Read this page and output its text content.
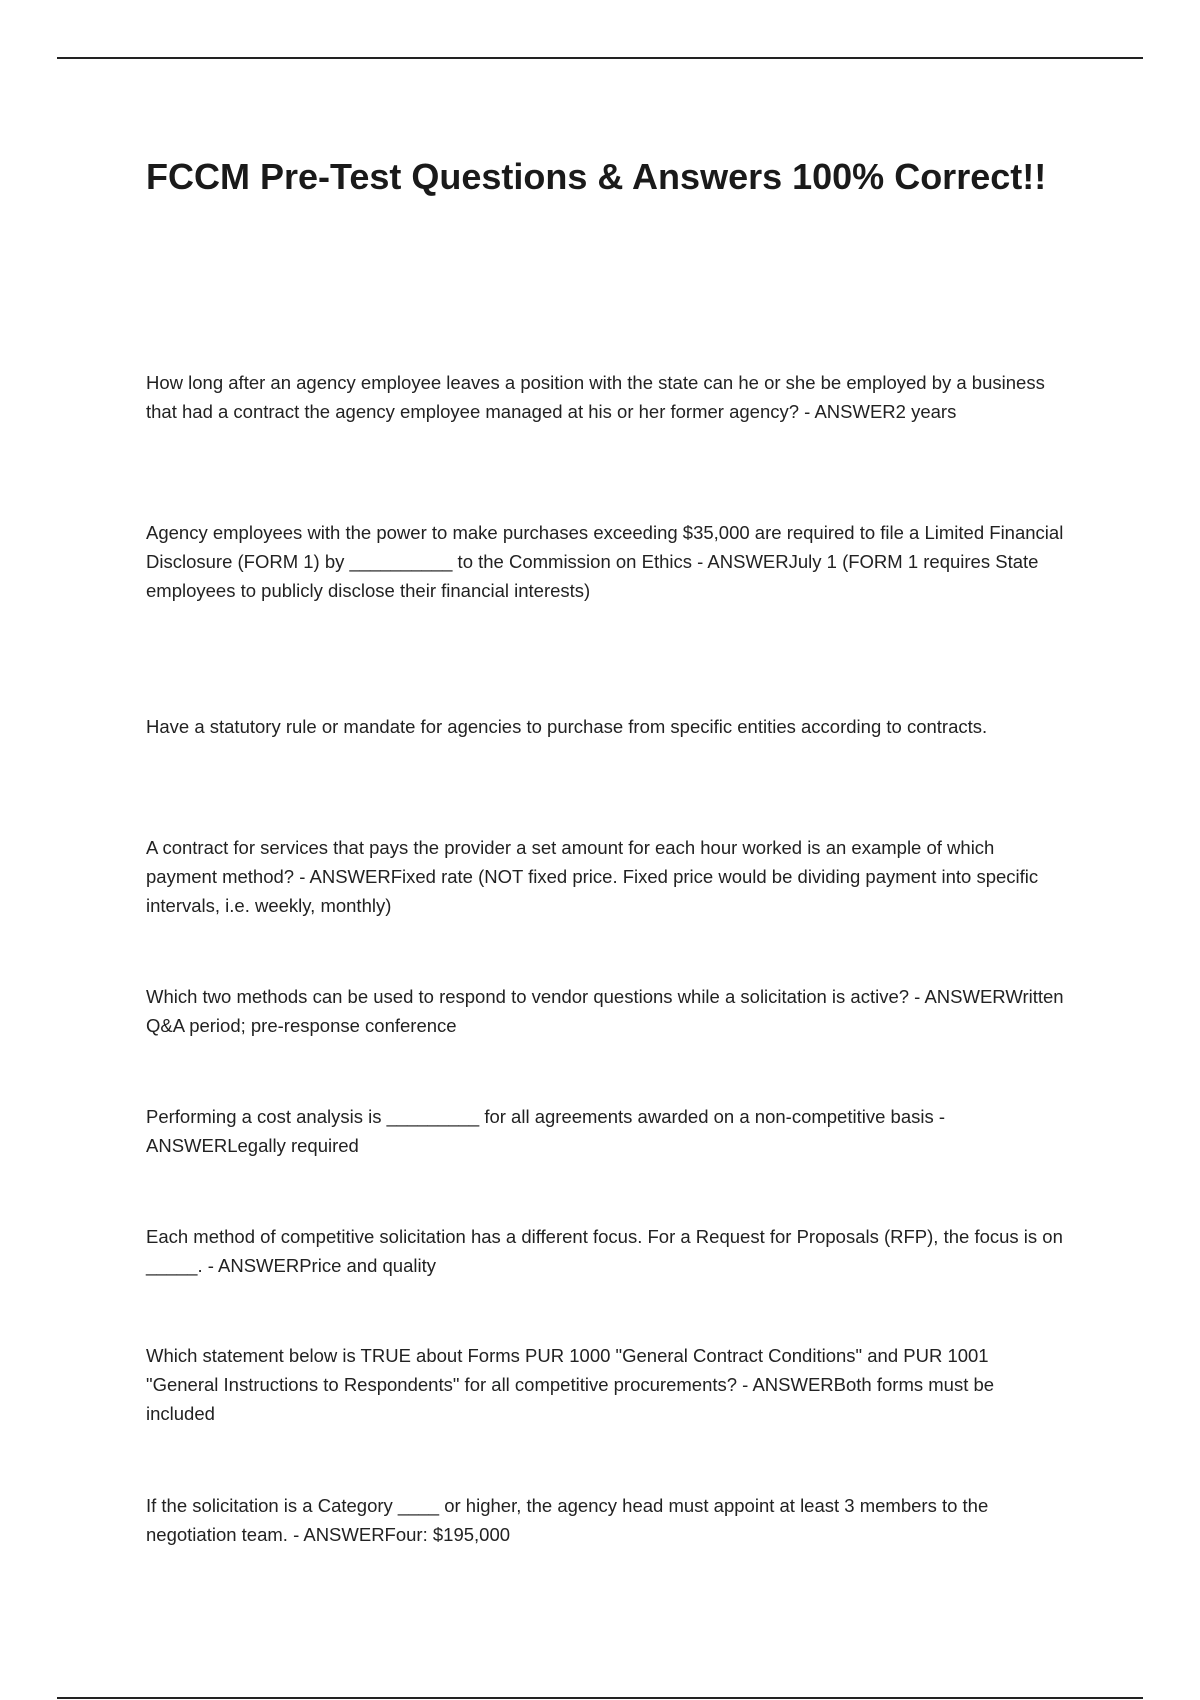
FCCM Pre-Test Questions & Answers 100% Correct!!

How long after an agency employee leaves a position with the state can he or she be employed by a business that had a contract the agency employee managed at his or her former agency? - ANSWER2 years

Agency employees with the power to make purchases exceeding $35,000 are required to file a Limited Financial Disclosure (FORM 1) by __________ to the Commission on Ethics - ANSWERJuly 1 (FORM 1 requires State employees to publicly disclose their financial interests)

Have a statutory rule or mandate for agencies to purchase from specific entities according to contracts.

A contract for services that pays the provider a set amount for each hour worked is an example of which payment method? - ANSWERFixed rate (NOT fixed price. Fixed price would be dividing payment into specific intervals, i.e. weekly, monthly)

Which two methods can be used to respond to vendor questions while a solicitation is active? - ANSWERWritten Q&A period; pre-response conference

Performing a cost analysis is _________ for all agreements awarded on a non-competitive basis - ANSWERLegally required

Each method of competitive solicitation has a different focus. For a Request for Proposals (RFP), the focus is on _____. - ANSWERPrice and quality

Which statement below is TRUE about Forms PUR 1000 "General Contract Conditions" and PUR 1001 "General Instructions to Respondents" for all competitive procurements? - ANSWERBoth forms must be included

If the solicitation is a Category ____ or higher, the agency head must appoint at least 3 members to the negotiation team. - ANSWERFour: $195,000
